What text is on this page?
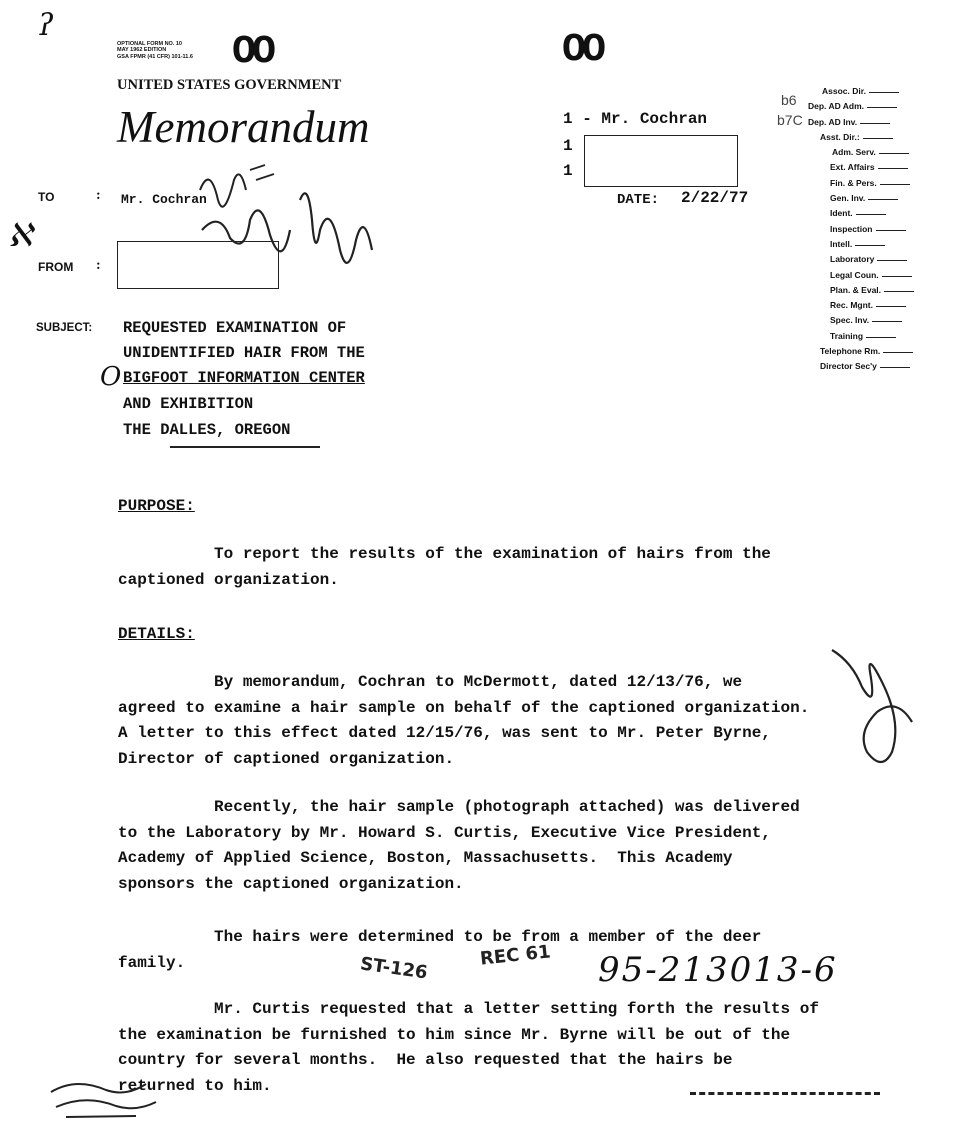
ʔ
OO	OO
OPTIONAL FORM NO. 10
MAY 1962 EDITION
GSA FPMR (41 CFR) 101-11.6
UNITED STATES GOVERNMENT
Memorandum
TO	: Mr. Cochran
ℵ
FROM :
SUBJECT: REQUESTED EXAMINATION OF
UNIDENTIFIED HAIR FROM THE
BIGFOOT INFORMATION CENTER
AND EXHIBITION
THE DALLES, OREGON
O
1 - Mr. Cochran
1
1
DATE: 2/22/77
b6
b7C
Assoc. Dir.
Dep. AD Adm.
Dep. AD Inv.
Asst. Dir.:
Adm. Serv.
Ext. Affairs
Fin. & Pers.
Gen. Inv.
Ident.
Inspection
Intell.
Laboratory
Legal Coun.
Plan. & Eval.
Rec. Mgnt.
Spec. Inv.
Training
Telephone Rm.
Director Sec'y
PURPOSE:
To report the results of the examination of hairs from the
captioned organization.
DETAILS:
By memorandum, Cochran to McDermott, dated 12/13/76, we
agreed to examine a hair sample on behalf of the captioned organization.
A letter to this effect dated 12/15/76, was sent to Mr. Peter Byrne,
Director of captioned organization.
Recently, the hair sample (photograph attached) was delivered
to the Laboratory by Mr. Howard S. Curtis, Executive Vice President,
Academy of Applied Science, Boston, Massachusetts.  This Academy
sponsors the captioned organization.
The hairs were determined to be from a member of the deer
family.
Mr. Curtis requested that a letter setting forth the results of
the examination be furnished to him since Mr. Byrne will be out of the
country for several months.  He also requested that the hairs be
returned to him.
ST-126	REC 61 95-213013-6
